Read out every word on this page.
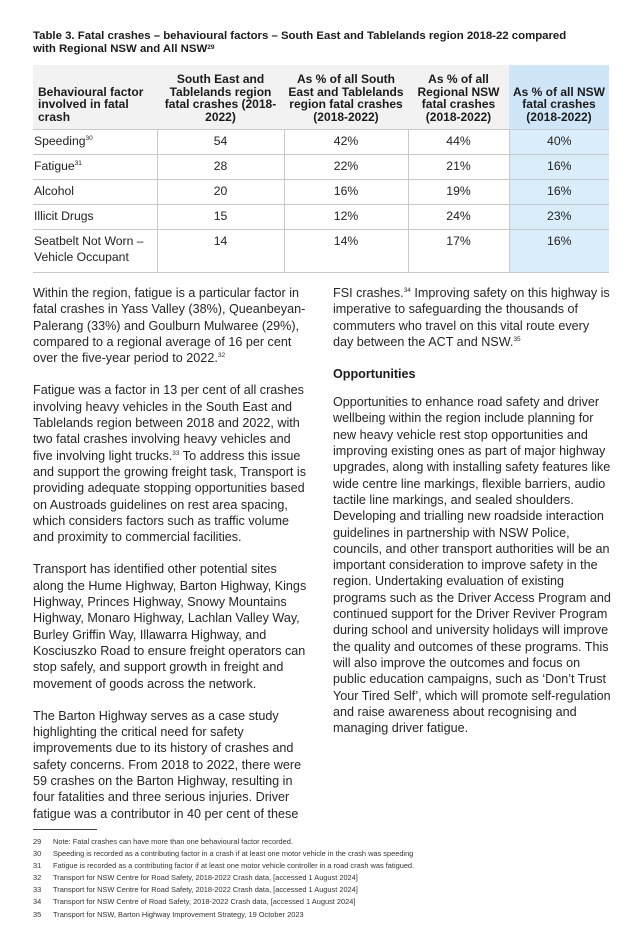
Table 3. Fatal crashes – behavioural factors – South East and Tablelands region 2018-22 compared
with Regional NSW and All NSW$^{29}$
Behavioural factor involved in fatal crash	South East and Tablelands region fatal crashes (2018-2022)	As % of all South East and Tablelands region fatal crashes (2018-2022)	As % of all Regional NSW fatal crashes (2018-2022)	As % of all NSW fatal crashes (2018-2022)
Speeding$^{30}$	54	42%	44%	40%
Fatigue$^{31}$	28	22%	21%	16%
Alcohol	20	16%	19%	16%
Illicit Drugs	15	12%	24%	23%
Seatbelt Not Worn – Vehicle Occupant	14	14%	17%	16%

Within the region, fatigue is a particular factor in fatal crashes in Yass Valley (38%), Queanbeyan-Palerang (33%) and Goulburn Mulwaree (29%), compared to a regional average of 16 per cent over the five-year period to 2022.32

Fatigue was a factor in 13 per cent of all crashes involving heavy vehicles in the South East and Tablelands region between 2018 and 2022, with two fatal crashes involving heavy vehicles and five involving light trucks.$^{33}$ To address this issue and support the growing freight task, Transport is providing adequate stopping opportunities based on Austroads guidelines on rest area spacing, which considers factors such as traffic volume and proximity to commercial facilities.

Transport has identified other potential sites along the Hume Highway, Barton Highway, Kings Highway, Princes Highway, Snowy Mountains Highway, Monaro Highway, Lachlan Valley Way, Burley Griffin Way, Illawarra Highway, and Kosciuszko Road to ensure freight operators can stop safely, and support growth in freight and movement of goods across the network.

The Barton Highway serves as a case study highlighting the critical need for safety improvements due to its history of crashes and safety concerns. From 2018 to 2022, there were 59 crashes on the Barton Highway, resulting in four fatalities and three serious injuries. Driver fatigue was a contributor in 40 per cent of these

FSI crashes.$^{34}$ Improving safety on this highway is imperative to safeguarding the thousands of commuters who travel on this vital route every day between the ACT and NSW.$^{35}$

Opportunities

Opportunities to enhance road safety and driver wellbeing within the region include planning for new heavy vehicle rest stop opportunities and improving existing ones as part of major highway upgrades, along with installing safety features like wide centre line markings, flexible barriers, audio tactile line markings, and sealed shoulders. Developing and trialling new roadside interaction guidelines in partnership with NSW Police, councils, and other transport authorities will be an important consideration to improve safety in the region. Undertaking evaluation of existing programs such as the Driver Access Program and continued support for the Driver Reviver Program during school and university holidays will improve the quality and outcomes of these programs. This will also improve the outcomes and focus on public education campaigns, such as ‘Don’t Trust Your Tired Self’, which will promote self-regulation and raise awareness about recognising and managing driver fatigue.

29 Note: Fatal crashes can have more than one behavioural factor recorded.
30 Speeding is recorded as a contributing factor in a crash if at least one motor vehicle in the crash was speeding
31 Fatigue is recorded as a contributing factor if at least one motor vehicle controller in a road crash was fatigued.
32 Transport for NSW Centre for Road Safety, 2018-2022 Crash data, [accessed 1 August 2024]
33 Transport for NSW Centre for Road Safety, 2018-2022 Crash data, [accessed 1 August 2024]
34 Transport for NSW Centre of Road Safety, 2018-2022 Crash data, [accessed 1 August 2024]
35 Transport for NSW, Barton Highway Improvement Strategy, 19 October 2023
